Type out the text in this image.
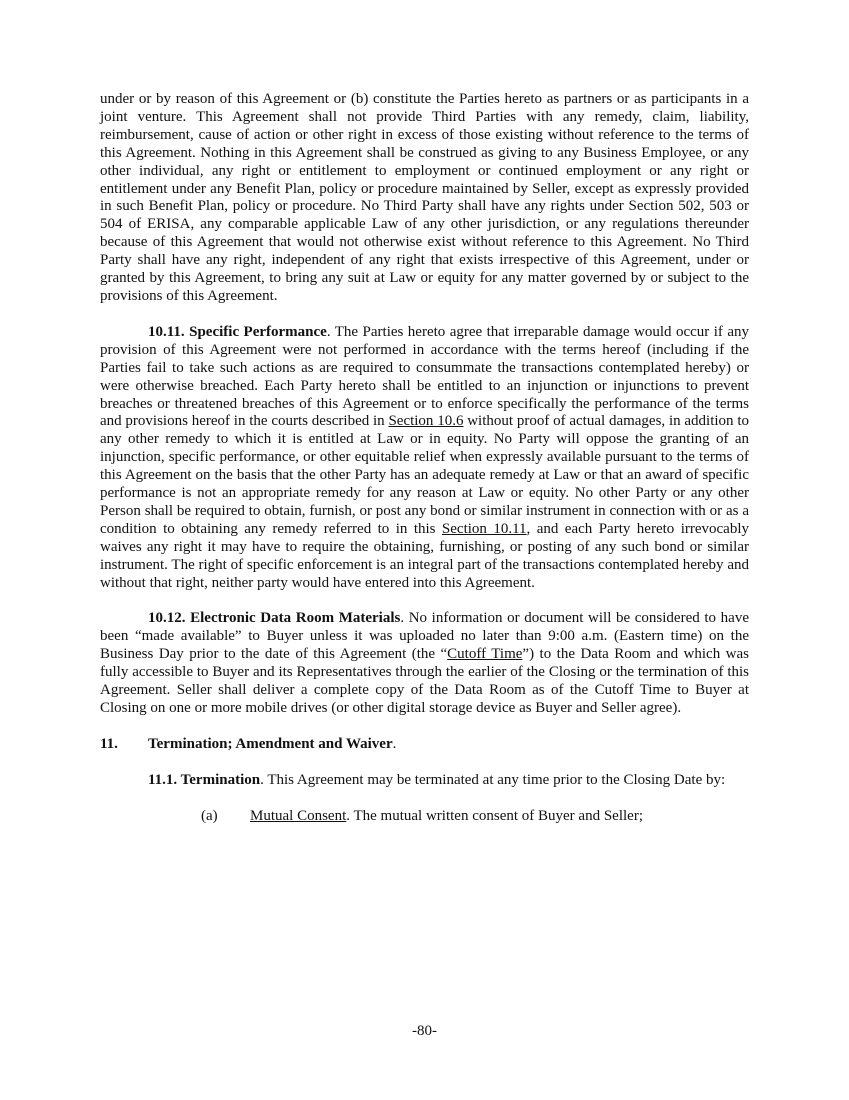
under or by reason of this Agreement or (b) constitute the Parties hereto as partners or as participants in a joint venture. This Agreement shall not provide Third Parties with any remedy, claim, liability, reimbursement, cause of action or other right in excess of those existing without reference to the terms of this Agreement. Nothing in this Agreement shall be construed as giving to any Business Employee, or any other individual, any right or entitlement to employment or continued employment or any right or entitlement under any Benefit Plan, policy or procedure maintained by Seller, except as expressly provided in such Benefit Plan, policy or procedure. No Third Party shall have any rights under Section 502, 503 or 504 of ERISA, any comparable applicable Law of any other jurisdiction, or any regulations thereunder because of this Agreement that would not otherwise exist without reference to this Agreement. No Third Party shall have any right, independent of any right that exists irrespective of this Agreement, under or granted by this Agreement, to bring any suit at Law or equity for any matter governed by or subject to the provisions of this Agreement.

10.11. Specific Performance. The Parties hereto agree that irreparable damage would occur if any provision of this Agreement were not performed in accordance with the terms hereof (including if the Parties fail to take such actions as are required to consummate the transactions contemplated hereby) or were otherwise breached. Each Party hereto shall be entitled to an injunction or injunctions to prevent breaches or threatened breaches of this Agreement or to enforce specifically the performance of the terms and provisions hereof in the courts described in Section 10.6 without proof of actual damages, in addition to any other remedy to which it is entitled at Law or in equity. No Party will oppose the granting of an injunction, specific performance, or other equitable relief when expressly available pursuant to the terms of this Agreement on the basis that the other Party has an adequate remedy at Law or that an award of specific performance is not an appropriate remedy for any reason at Law or equity. No other Party or any other Person shall be required to obtain, furnish, or post any bond or similar instrument in connection with or as a condition to obtaining any remedy referred to in this Section 10.11, and each Party hereto irrevocably waives any right it may have to require the obtaining, furnishing, or posting of any such bond or similar instrument. The right of specific enforcement is an integral part of the transactions contemplated hereby and without that right, neither party would have entered into this Agreement.

10.12. Electronic Data Room Materials. No information or document will be considered to have been “made available” to Buyer unless it was uploaded no later than 9:00 a.m. (Eastern time) on the Business Day prior to the date of this Agreement (the “Cutoff Time”) to the Data Room and which was fully accessible to Buyer and its Representatives through the earlier of the Closing or the termination of this Agreement. Seller shall deliver a complete copy of the Data Room as of the Cutoff Time to Buyer at Closing on one or more mobile drives (or other digital storage device as Buyer and Seller agree).

11. Termination; Amendment and Waiver.

11.1. Termination. This Agreement may be terminated at any time prior to the Closing Date by:

(a) Mutual Consent. The mutual written consent of Buyer and Seller;

-80-
